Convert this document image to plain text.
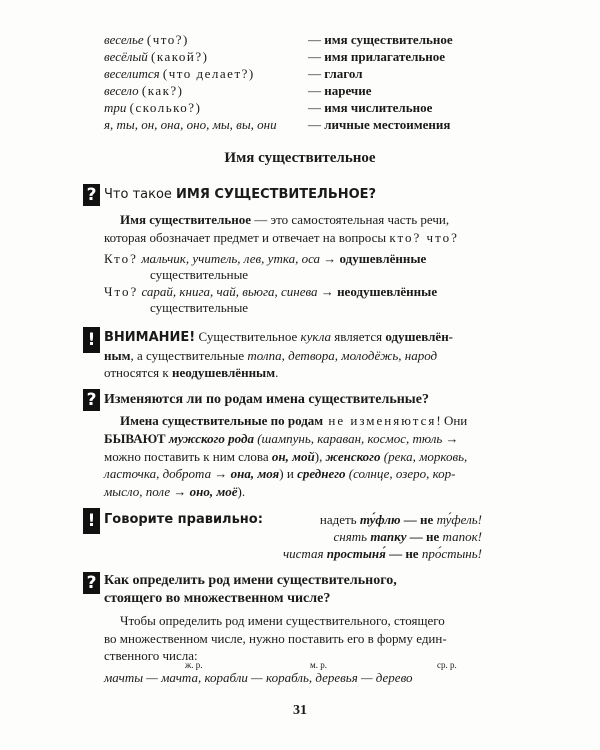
веселье (что?)	— имя существительное
весёлый (какой?)	— имя прилагательное
веселится (что делает?)	— глагол
весело (как?)	— наречие
три (сколько?)	— имя числительное
я, ты, он, она, оно, мы, вы, они — личные местоимения
Имя существительное
? Что такое ИМЯ СУЩЕСТВИТЕЛЬНОЕ?

Имя существительное — это самостоятельная часть речи,

которая обозначает предмет и отвечает на вопросы кто? что?

Кто? мальчик, учитель, лев, утка, оса → одушевлённые
существительные
Что? сарай, книга, чай, вьюга, синева → неодушевлённые
существительные
! ВНИМАНИЕ! Существительное кукла является одушевлён-

ным, а существительные толпа, детвора, молодёжь, народ

относятся к неодушевлённым.

? Изменяются ли по родам имена существительные?

Имена существительные по родам не изменяются! Они

БЫВАЮТ мужского рода (шампунь, караван, космос, тюль →

можно поставить к ним слова он, мой), женского (река, морковь,

ласточка, доброта → она, моя) и среднего (солнце, озеро, кор-

мысло, поле → оно, моё).

! Говорите правильно:	надеть ту́флю — не ту́фель!
снять тапку — не тапок!
чистая простыня́ — не про́стынь!
? Как определить род имени существительного,
стоящего во множественном числе?

Чтобы определить род имени существительного, стоящего

во множественном числе, нужно поставить его в форму един-

ственного числа:

ж. р.	м. р.	ср. р.
мачты — мачта, корабли — корабль, деревья — дерево
31
